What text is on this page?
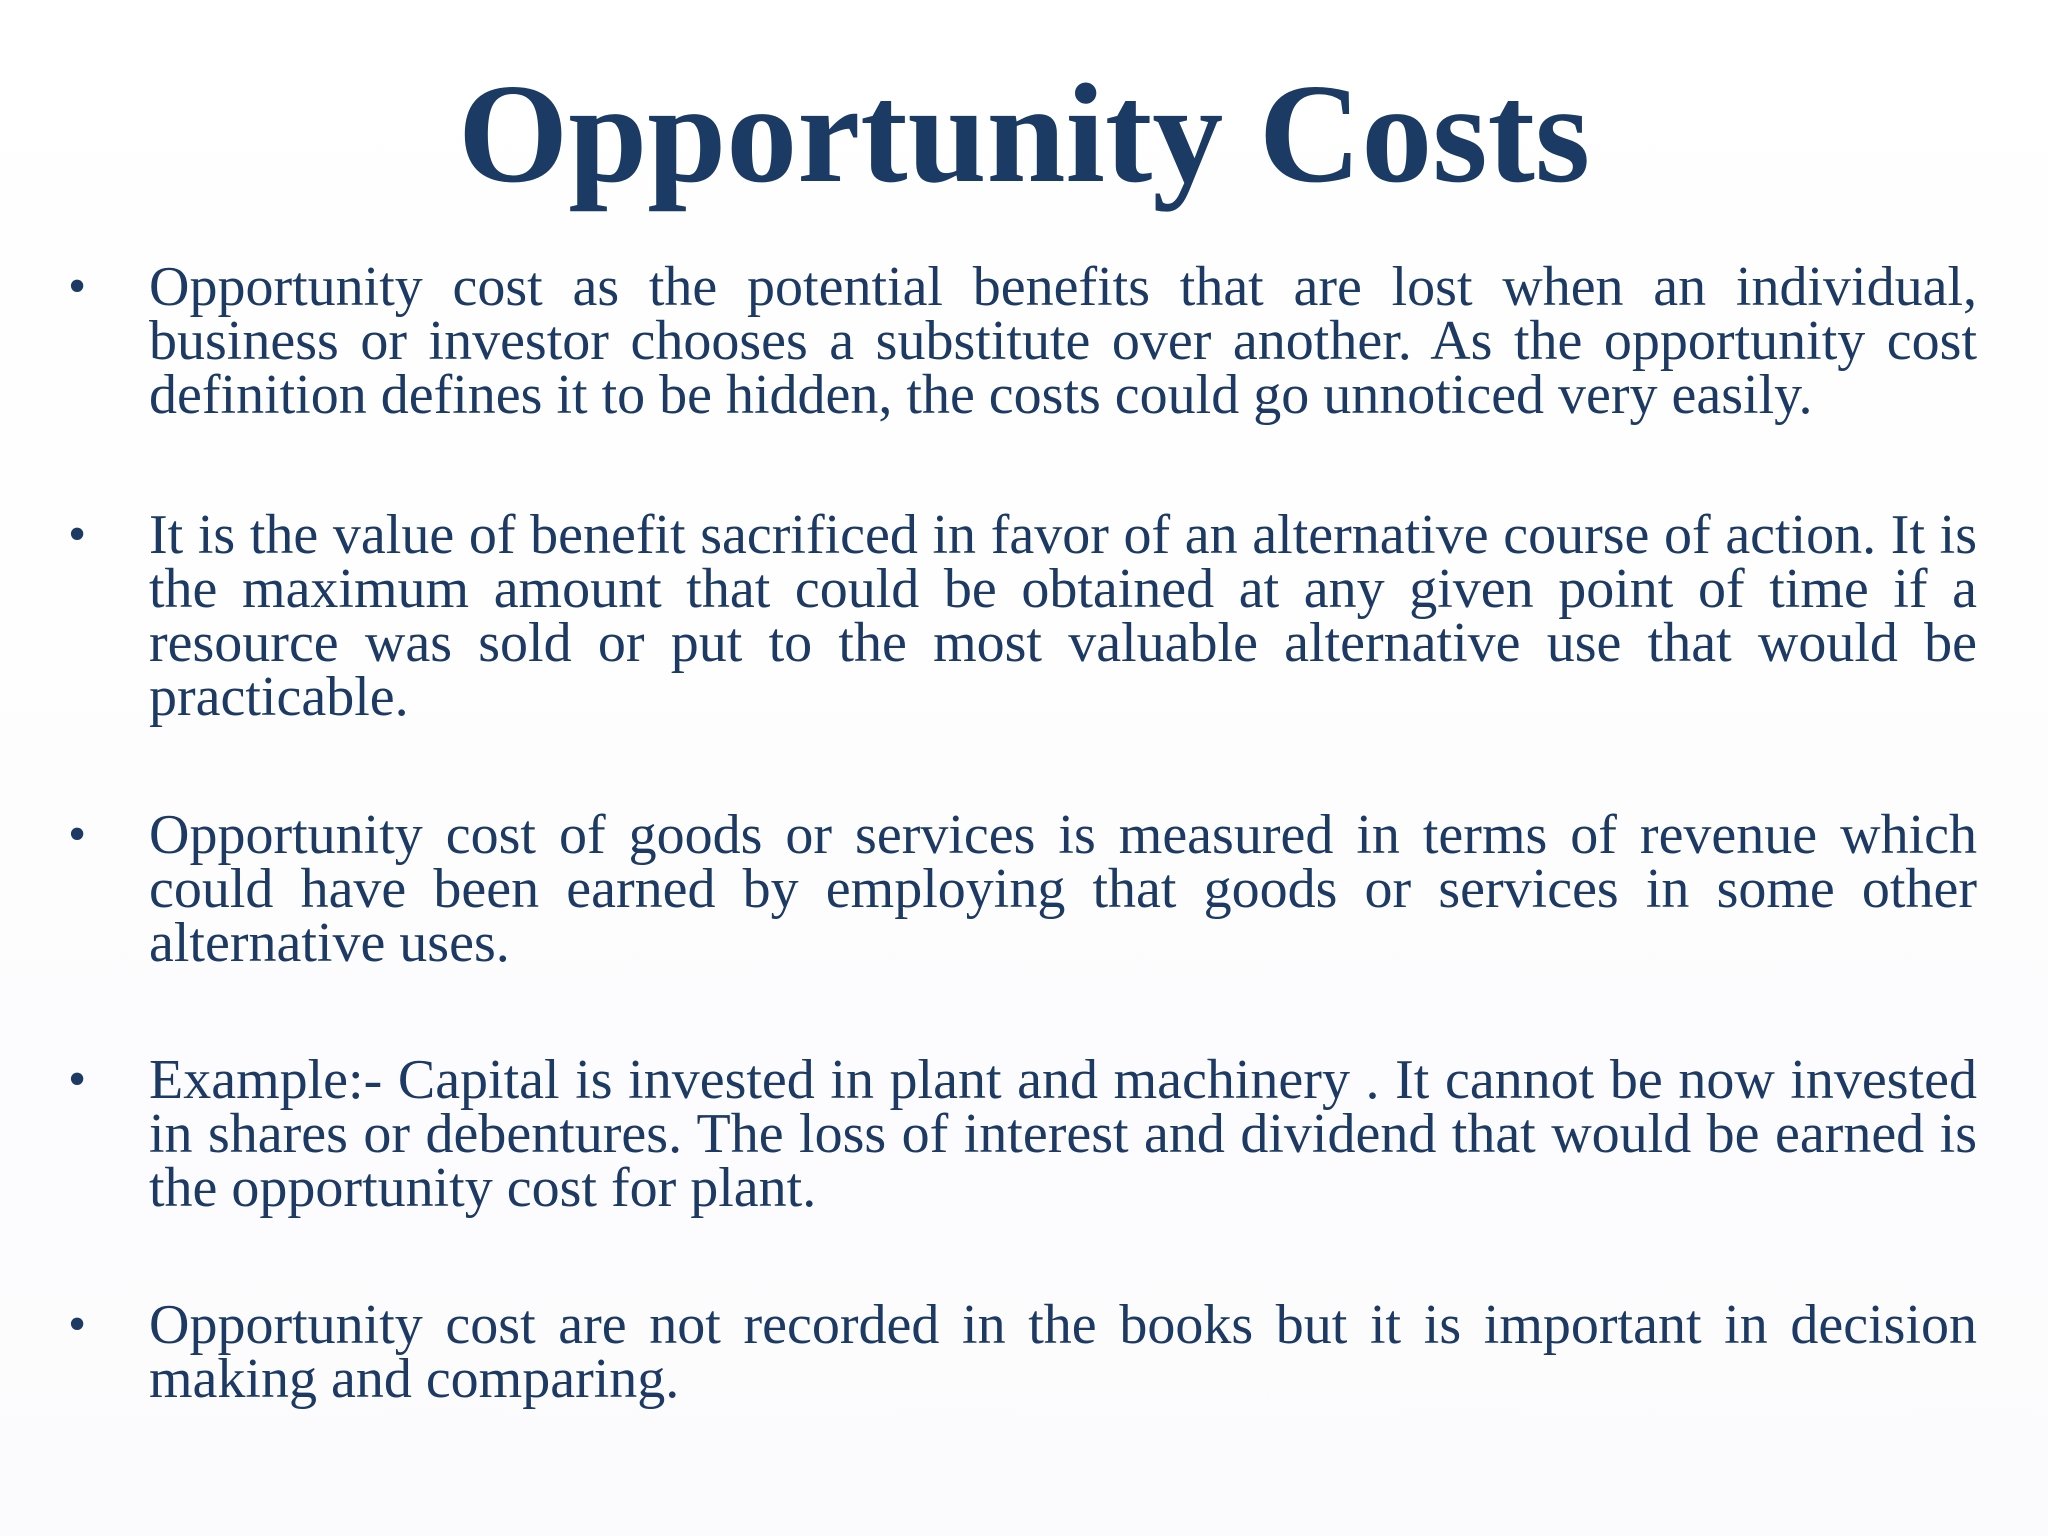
Opportunity Costs
• Opportunity cost as the potential benefits that are lost when an individual, business or investor chooses a substitute over another. As the opportunity cost definition defines it to be hidden, the costs could go unnoticed very easily.
• It is the value of benefit sacrificed in favor of an alternative course of action. It is the maximum amount that could be obtained at any given point of time if a resource was sold or put to the most valuable alternative use that would be practicable.
• Opportunity cost of goods or services is measured in terms of revenue which could have been earned by employing that goods or services in some other alternative uses.
• Example:- Capital is invested in plant and machinery . It cannot be now invested in shares or debentures. The loss of interest and dividend that would be earned is the opportunity cost for plant.
• Opportunity cost are not recorded in the books but it is important in decision making and comparing.
